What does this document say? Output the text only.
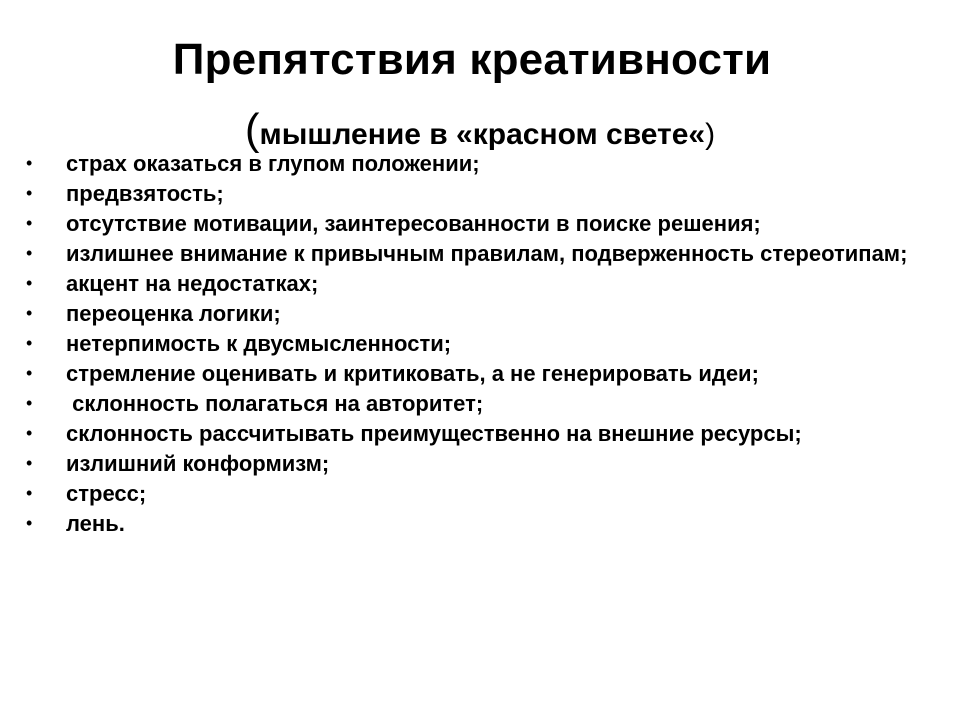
Препятствия креативности
(мышление в «красном свете«)
• страх оказаться в глупом положении;
• предвзятость;
• отсутствие мотивации, заинтересованности в поиске решения;
• излишнее внимание к привычным правилам, подверженность стереотипам;
• акцент на недостатках;
• переоценка логики;
• нетерпимость к двусмысленности;
• стремление оценивать и критиковать, а не генерировать идеи;
• склонность полагаться на авторитет;
• склонность рассчитывать преимущественно на внешние ресурсы;
• излишний конформизм;
• стресс;
• лень.
